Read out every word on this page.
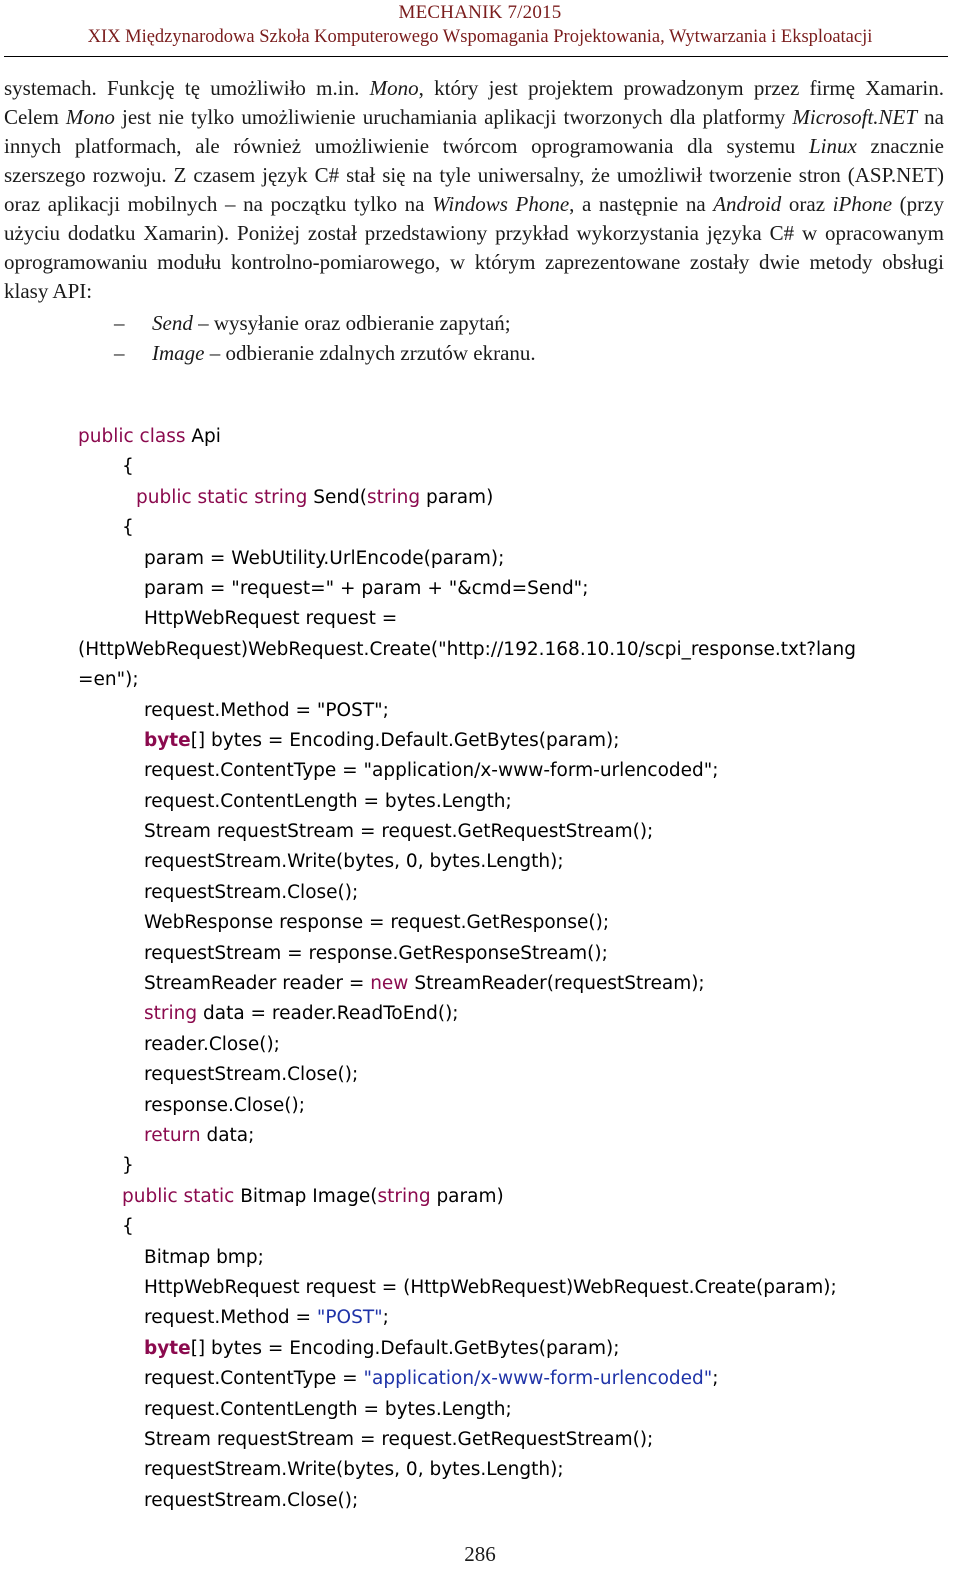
MECHANIK 7/2015
XIX Międzynarodowa Szkoła Komputerowego Wspomagania Projektowania, Wytwarzania i Eksploatacji

systemach. Funkcję tę umożliwiło m.in. Mono, który jest projektem prowadzonym przez firmę Xamarin. Celem Mono jest nie tylko umożliwienie uruchamiania aplikacji tworzonych dla platformy Microsoft.NET na innych platformach, ale również umożliwienie twórcom oprogramowania dla systemu Linux znacznie szerszego rozwoju. Z czasem język C# stał się na tyle uniwersalny, że umożliwił tworzenie stron (ASP.NET) oraz aplikacji mobilnych – na początku tylko na Windows Phone, a następnie na Android oraz iPhone (przy użyciu dodatku Xamarin). Poniżej został przedstawiony przykład wykorzystania języka C# w opracowanym oprogramowaniu modułu kontrolno-pomiarowego, w którym zaprezentowane zostały dwie metody obsługi klasy API:

– Send – wysyłanie oraz odbieranie zapytań;
– Image – odbieranie zdalnych zrzutów ekranu.
public class Api
{
public static string Send(string param)
{
param = WebUtility.UrlEncode(param);
param = "request=" + param + "&cmd=Send";
HttpWebRequest request =
(HttpWebRequest)WebRequest.Create("http://192.168.10.10/scpi_response.txt?lang
=en");
request.Method = "POST";
byte[] bytes = Encoding.Default.GetBytes(param);
request.ContentType = "application/x-www-form-urlencoded";
request.ContentLength = bytes.Length;
Stream requestStream = request.GetRequestStream();
requestStream.Write(bytes, 0, bytes.Length);
requestStream.Close();
WebResponse response = request.GetResponse();
requestStream = response.GetResponseStream();
StreamReader reader = new StreamReader(requestStream);
string data = reader.ReadToEnd();
reader.Close();
requestStream.Close();
response.Close();
return data;
}
public static Bitmap Image(string param)
{
Bitmap bmp;
HttpWebRequest request = (HttpWebRequest)WebRequest.Create(param);
request.Method = "POST";
byte[] bytes = Encoding.Default.GetBytes(param);
request.ContentType = "application/x-www-form-urlencoded";
request.ContentLength = bytes.Length;
Stream requestStream = request.GetRequestStream();
requestStream.Write(bytes, 0, bytes.Length);
requestStream.Close();
286
